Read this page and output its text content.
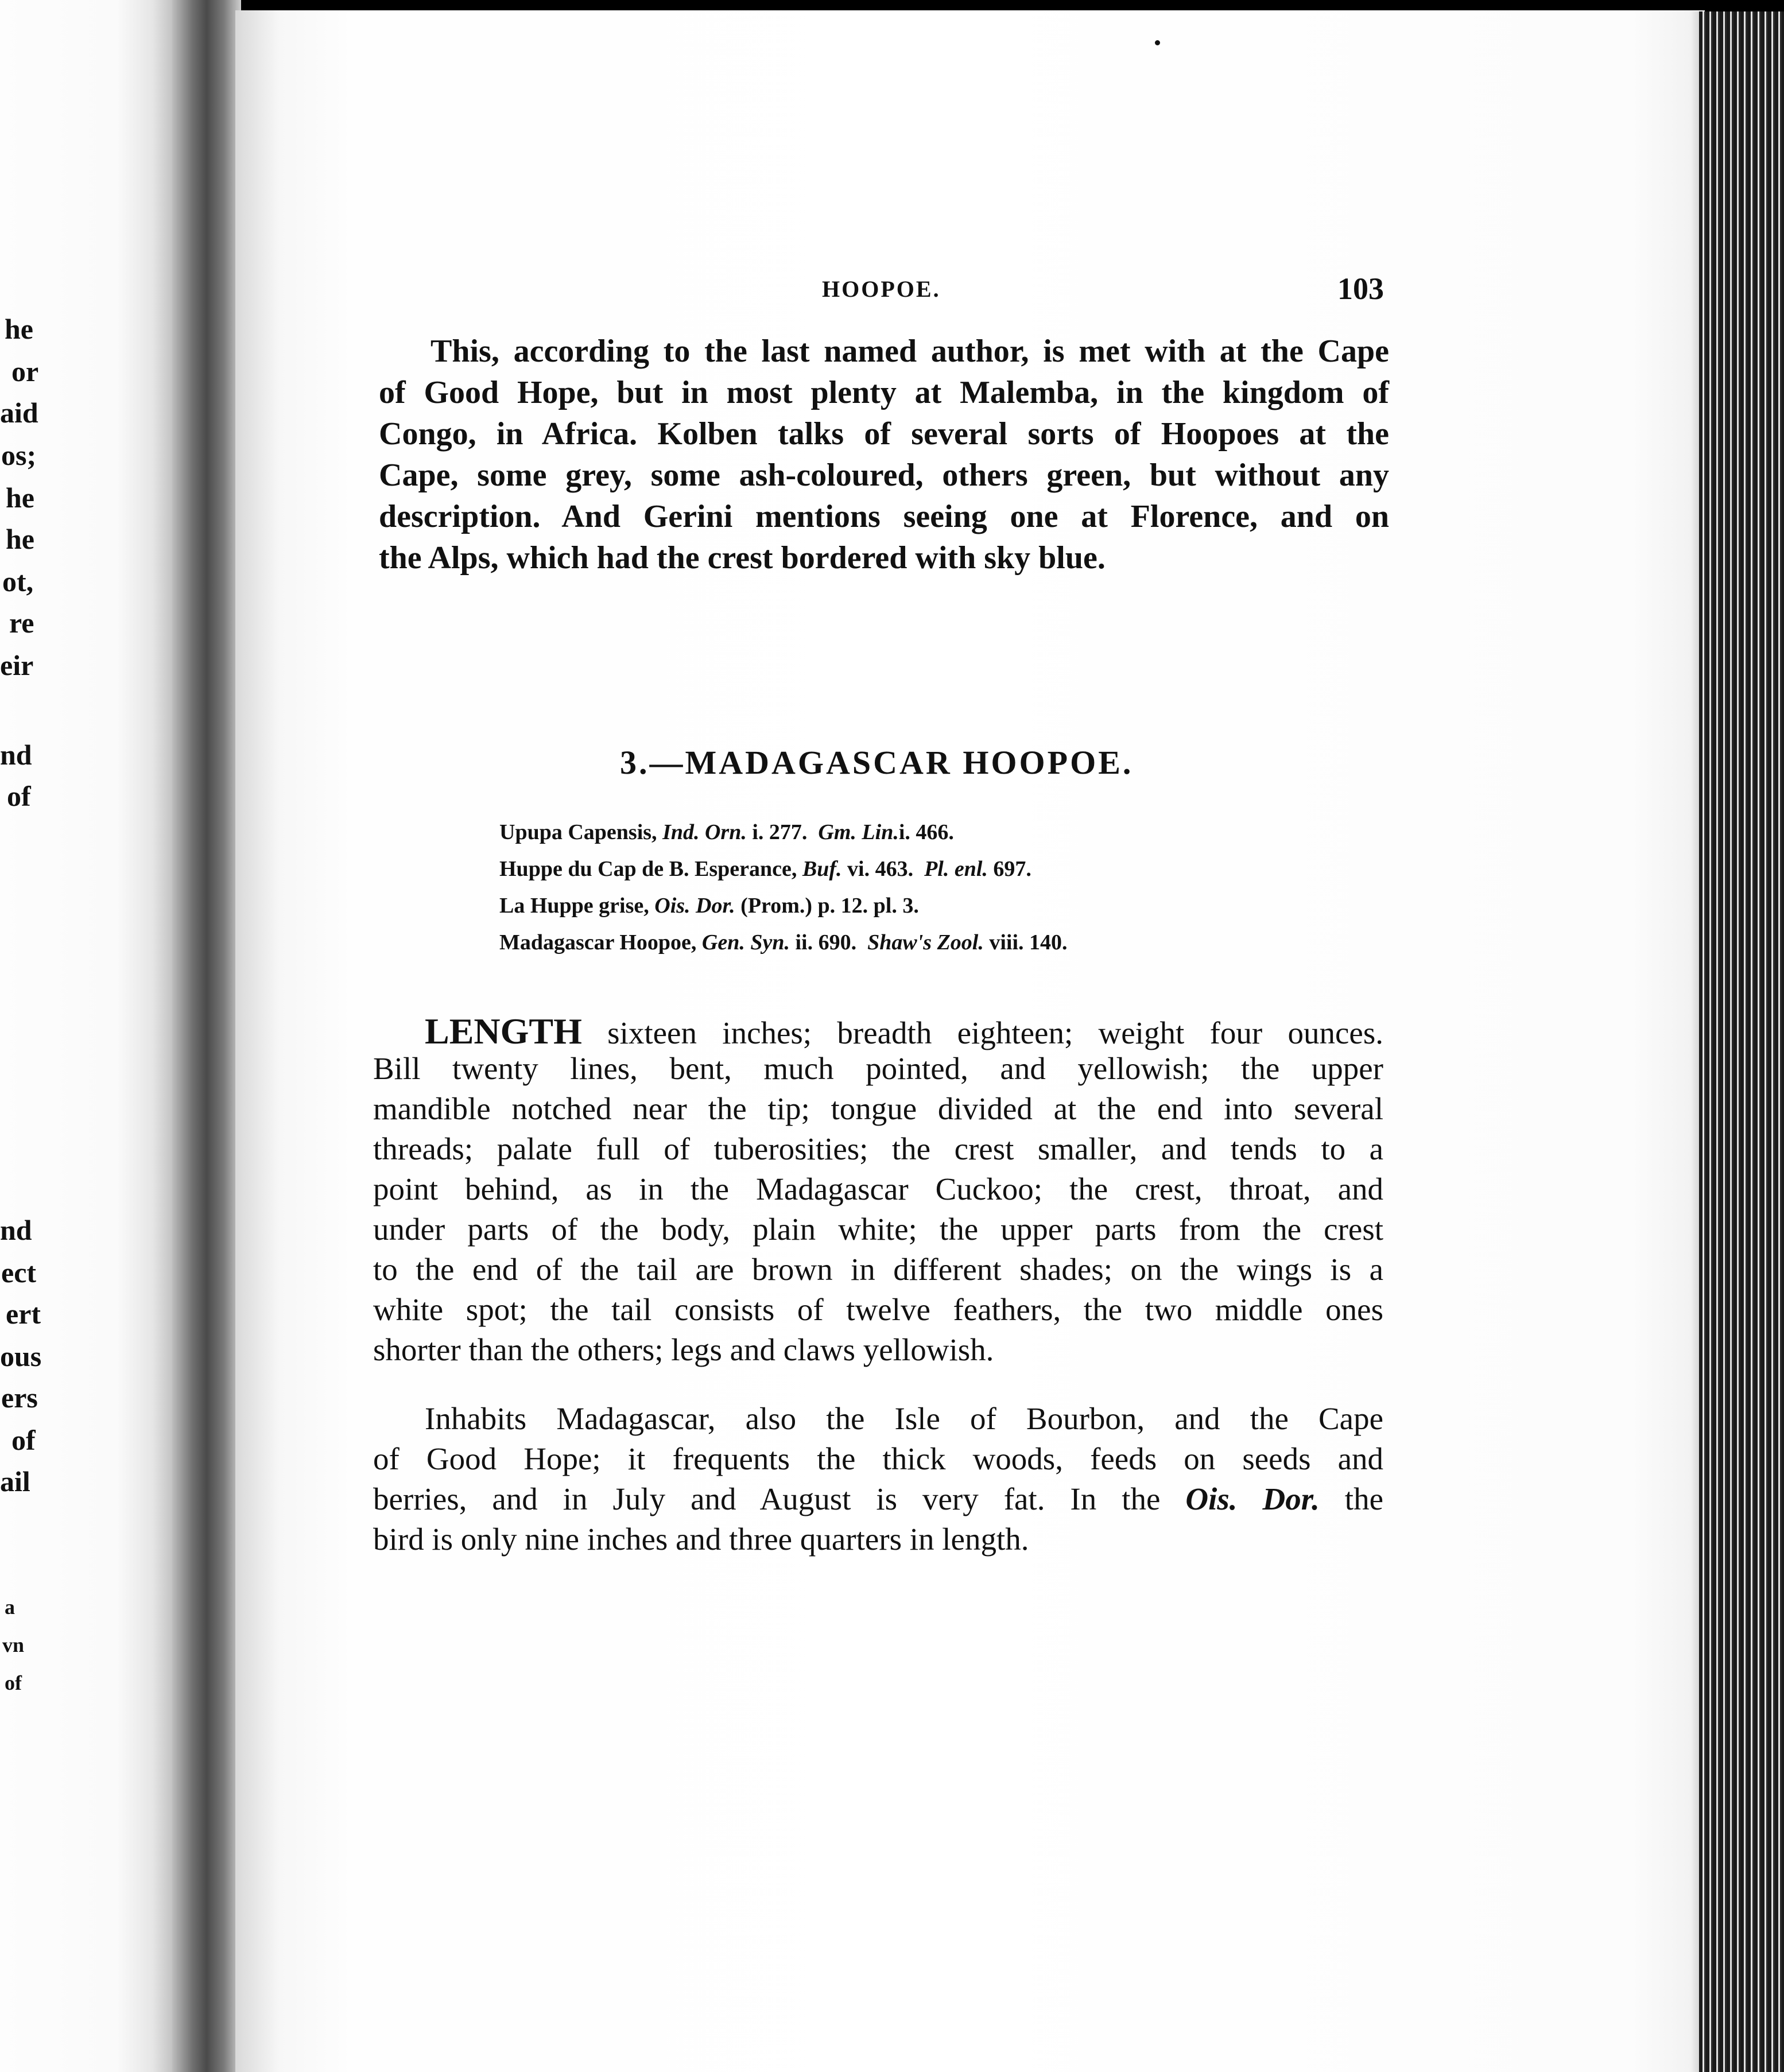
he
or
aid
os;
he
he
ot,
re
eir
nd
of
nd
ect
ert
ous
ers
of
ail
a
vn
of
HOOPOE.	103
This, according to the last named author, is met with at the Cape
of Good Hope, but in most plenty at Malemba, in the kingdom of
Congo, in Africa. Kolben talks of several sorts of Hoopoes at the
Cape, some grey, some ash-coloured, others green, but without any
description. And Gerini mentions seeing one at Florence, and on
the Alps, which had the crest bordered with sky blue.
3.—MADAGASCAR HOOPOE.
Upupa Capensis, Ind. Orn. i. 277. Gm. Lin.i. 466.
Huppe du Cap de B. Esperance, Buf. vi. 463. Pl. enl. 697.
La Huppe grise, Ois. Dor. (Prom.) p. 12. pl. 3.
Madagascar Hoopoe, Gen. Syn. ii. 690. Shaw's Zool. viii. 140.
LENGTH sixteen inches; breadth eighteen; weight four ounces.
Bill twenty lines, bent, much pointed, and yellowish; the upper
mandible notched near the tip; tongue divided at the end into several
threads; palate full of tuberosities; the crest smaller, and tends to a
point behind, as in the Madagascar Cuckoo; the crest, throat, and
under parts of the body, plain white; the upper parts from the crest
to the end of the tail are brown in different shades; on the wings is a
white spot; the tail consists of twelve feathers, the two middle ones
shorter than the others; legs and claws yellowish.
Inhabits Madagascar, also the Isle of Bourbon, and the Cape
of Good Hope; it frequents the thick woods, feeds on seeds and
berries, and in July and August is very fat. In the Ois. Dor. the
bird is only nine inches and three quarters in length.
